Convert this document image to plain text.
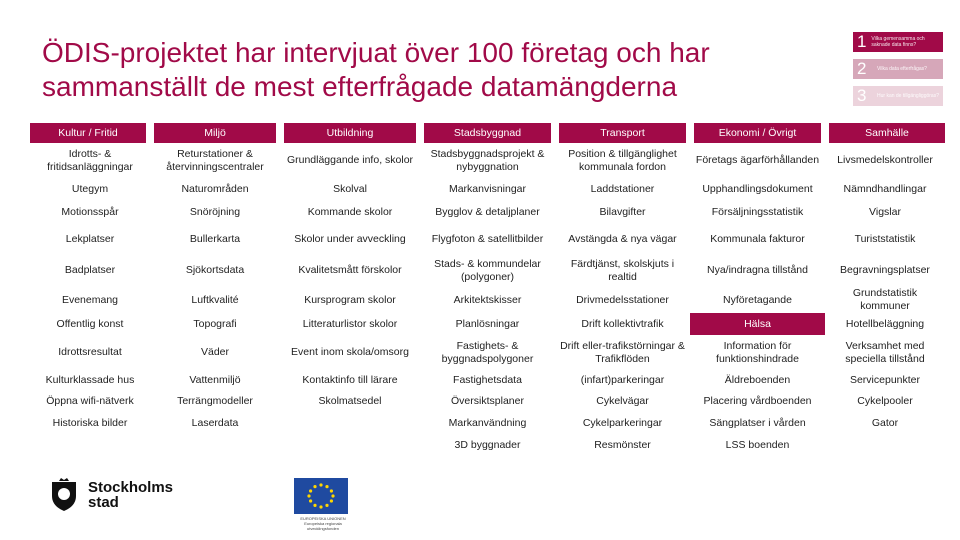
ÖDIS-projektet har intervjuat över 100 företag och har sammanställt de mest efterfrågade datamängderna
1 Vilka gemensamma och saknade data finns?
2	Vilka data efterfrågas?
3	Hur kan de tillgängliggöras?
Kultur / Fritid	Miljö	Utbildning	Stadsbyggnad	Transport	Ekonomi / Övrigt	Samhälle
Idrotts- & fritidsanläggningar	Returstationer & återvinningscentraler	Grundläggande info, skolor	Stadsbyggnadsprojekt & nybyggnation	Position & tillgänglighet kommunala fordon	Företags ägarförhållanden	Livsmedelskontroller
Utegym	Naturområden	Skolval	Markanvisningar	Laddstationer	Upphandlingsdokument	Nämndhandlingar
Motionsspår	Snöröjning	Kommande skolor	Bygglov & detaljplaner	Bilavgifter	Försäljningsstatistik	Vigslar
Lekplatser	Bullerkarta	Skolor under avveckling	Flygfoton & satellitbilder	Avstängda & nya vägar	Kommunala fakturor	Turiststatistik
Badplatser	Sjökortsdata	Kvalitetsmått förskolor	Stads- & kommundelar (polygoner)	Färdtjänst, skolskjuts i realtid	Nya/indragna tillstånd	Begravningsplatser
Evenemang	Luftkvalité	Kursprogram skolor	Arkitektskisser	Drivmedelsstationer	Nyföretagande	Grundstatistik kommuner
Offentlig konst	Topografi	Litteraturlistor skolor	Planlösningar	Drift kollektivtrafik	Hälsa	Hotellbeläggning
Idrottsresultat	Väder	Event inom skola/omsorg	Fastighets- & byggnadspolygoner	Drift eller-trafikstörningar & Trafikflöden	Information för funktionshindrade	Verksamhet med speciella tillstånd
Kulturklassade hus	Vattenmiljö	Kontaktinfo till lärare	Fastighetsdata	(infart)parkeringar	Äldreboenden	Servicepunkter
Öppna wifi-nätverk	Terrängmodeller	Skolmatsedel	Översiktsplaner	Cykelvägar	Placering vårdboenden	Cykelpooler
Historiska bilder	Laserdata		Markanvändning	Cykelparkeringar	Sängplatser i vården	Gator
			3D byggnader	Resmönster	LSS boenden	
Stockholms
stad
EUROPEISKA UNIONEN Europeiska regionala utvecklingsfonden
